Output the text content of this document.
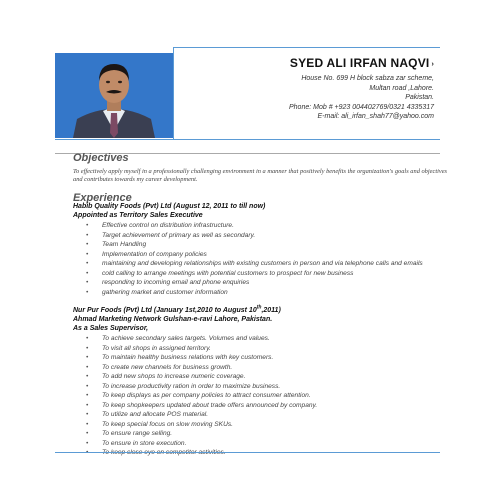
SYED ALI IRFAN NAQVI ›
House No. 699 H block sabza zar scheme,
Multan road ,Lahore.
Pakistan.
Phone: Mob # +923 004402769/0321 4335317
E-mail: ali_irfan_shah77@yahoo.com
Objectives
To effectively apply myself in a professionally challenging environment in a manner that positively benefits the organization's goals and objectives and contributes towards my career development.
Experience
Habib Quality Foods (Pvt) Ltd (August 12, 2011 to till now)
Appointed as Territory Sales Executive
• Effective control on distribution infrastructure.
• Target achievement of primary as well as secondary.
• Team Handling
• Implementation of company policies
• maintaining and developing relationships with existing customers in person and via telephone calls and emails
• cold calling to arrange meetings with potential customers to prospect for new business
• responding to incoming email and phone enquiries
• gathering market and customer information
Nur Pur Foods (Pvt) Ltd (January 1st,2010 to August 10th,2011)
Ahmad Marketing Network Gulshan-e-ravi Lahore, Pakistan.
As a Sales Supervisor,
• To achieve secondary sales targets. Volumes and values.
• To visit all shops in assigned territory.
• To maintain healthy business relations with key customers.
• To create new channels for business growth.
• To add new shops to increase numeric coverage.
• To increase productivity ration in order to maximize business.
• To keep displays as per company policies to attract consumer attention.
• To keep shopkeepers updated about trade offers announced by company.
• To utilize and allocate POS material.
• To keep special focus on slow moving SKUs.
• To ensure range selling.
• To ensure in store execution.
•
